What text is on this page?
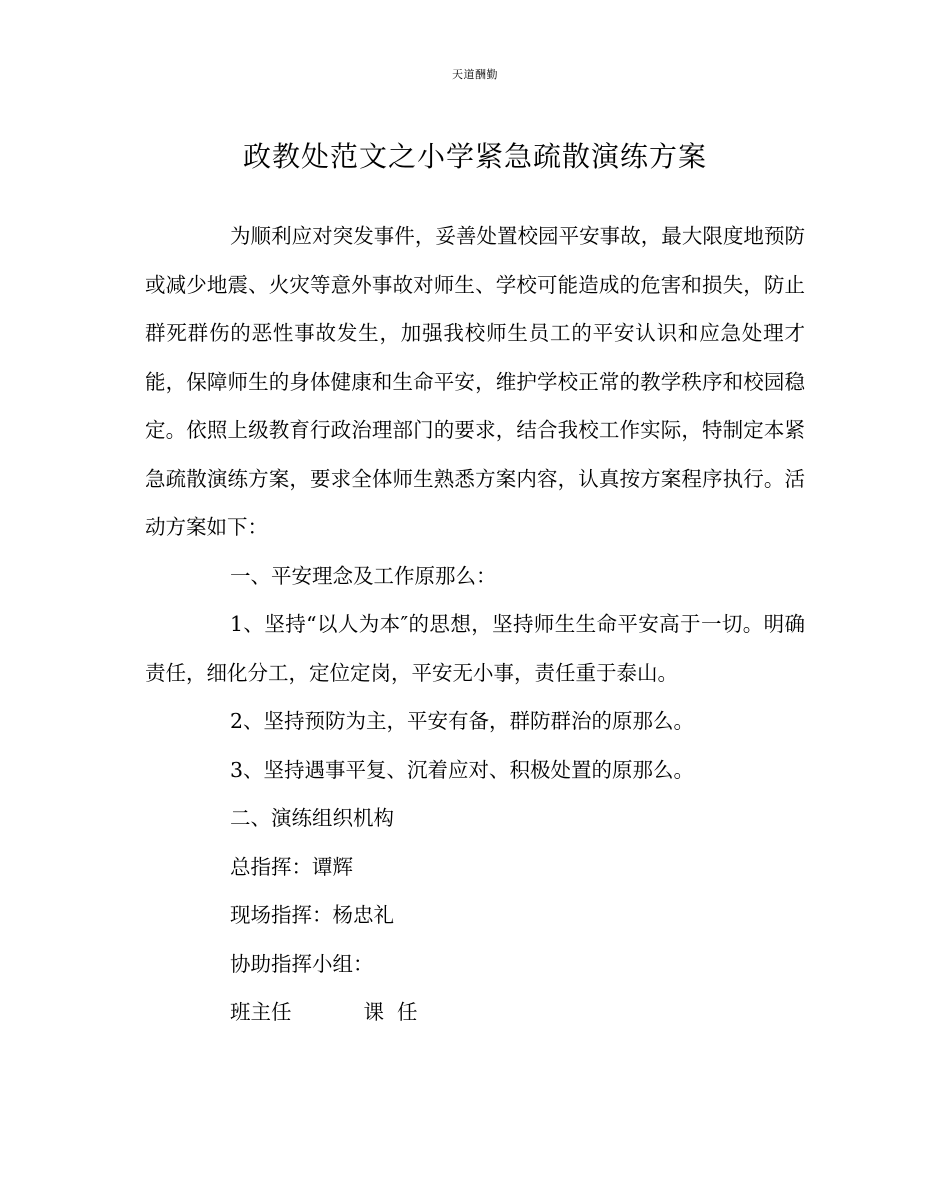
天道酬勤
政教处范文之小学紧急疏散演练方案

为顺利应对突发事件，妥善处置校园平安事故，最大限度地预防或减少地震、火灾等意外事故对师生、学校可能造成的危害和损失，防止群死群伤的恶性事故发生，加强我校师生员工的平安认识和应急处理才能，保障师生的身体健康和生命平安，维护学校正常的教学秩序和校园稳定。依照上级教育行政治理部门的要求，结合我校工作实际，特制定本紧急疏散演练方案，要求全体师生熟悉方案内容，认真按方案程序执行。活动方案如下：

一、平安理念及工作原那么：

1、坚持“以人为本″的思想，坚持师生生命平安高于一切。明确责任，细化分工，定位定岗，平安无小事，责任重于泰山。

2、坚持预防为主，平安有备，群防群治的原那么。

3、坚持遇事平复、沉着应对、积极处置的原那么。

二、演练组织机构

总指挥：谭辉

现场指挥：杨忠礼

协助指挥小组：

班主任	课  任
